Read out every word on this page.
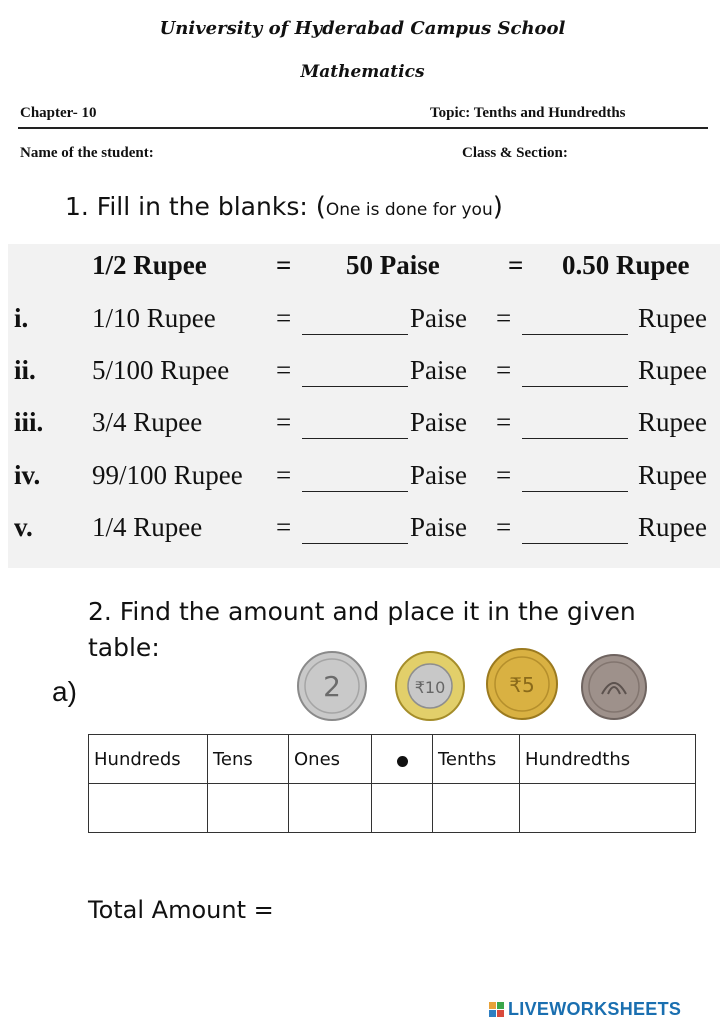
University of Hyderabad Campus School
Mathematics
Chapter- 10	Topic: Tenths and Hundredths
Name of the student:	Class & Section:
1. Fill in the blanks: (One is done for you)
1/2 Rupee	= 50 Paise	= 0.50 Rupee
i. 1/10 Rupee =	Paise =	Rupee
ii. 5/100 Rupee =	Paise =	Rupee
iii. 3/4 Rupee	=	Paise =	Rupee
iv. 99/100 Rupee =	Paise =	Rupee
v. 1/4 Rupee	=	Paise =	Rupee
2. Find the amount and place it in the given table:
a)	2	₹10	₹5
Hundreds	Tens	Ones		Tenths	Hundredths

Total Amount =
LIVEWORKSHEETS
